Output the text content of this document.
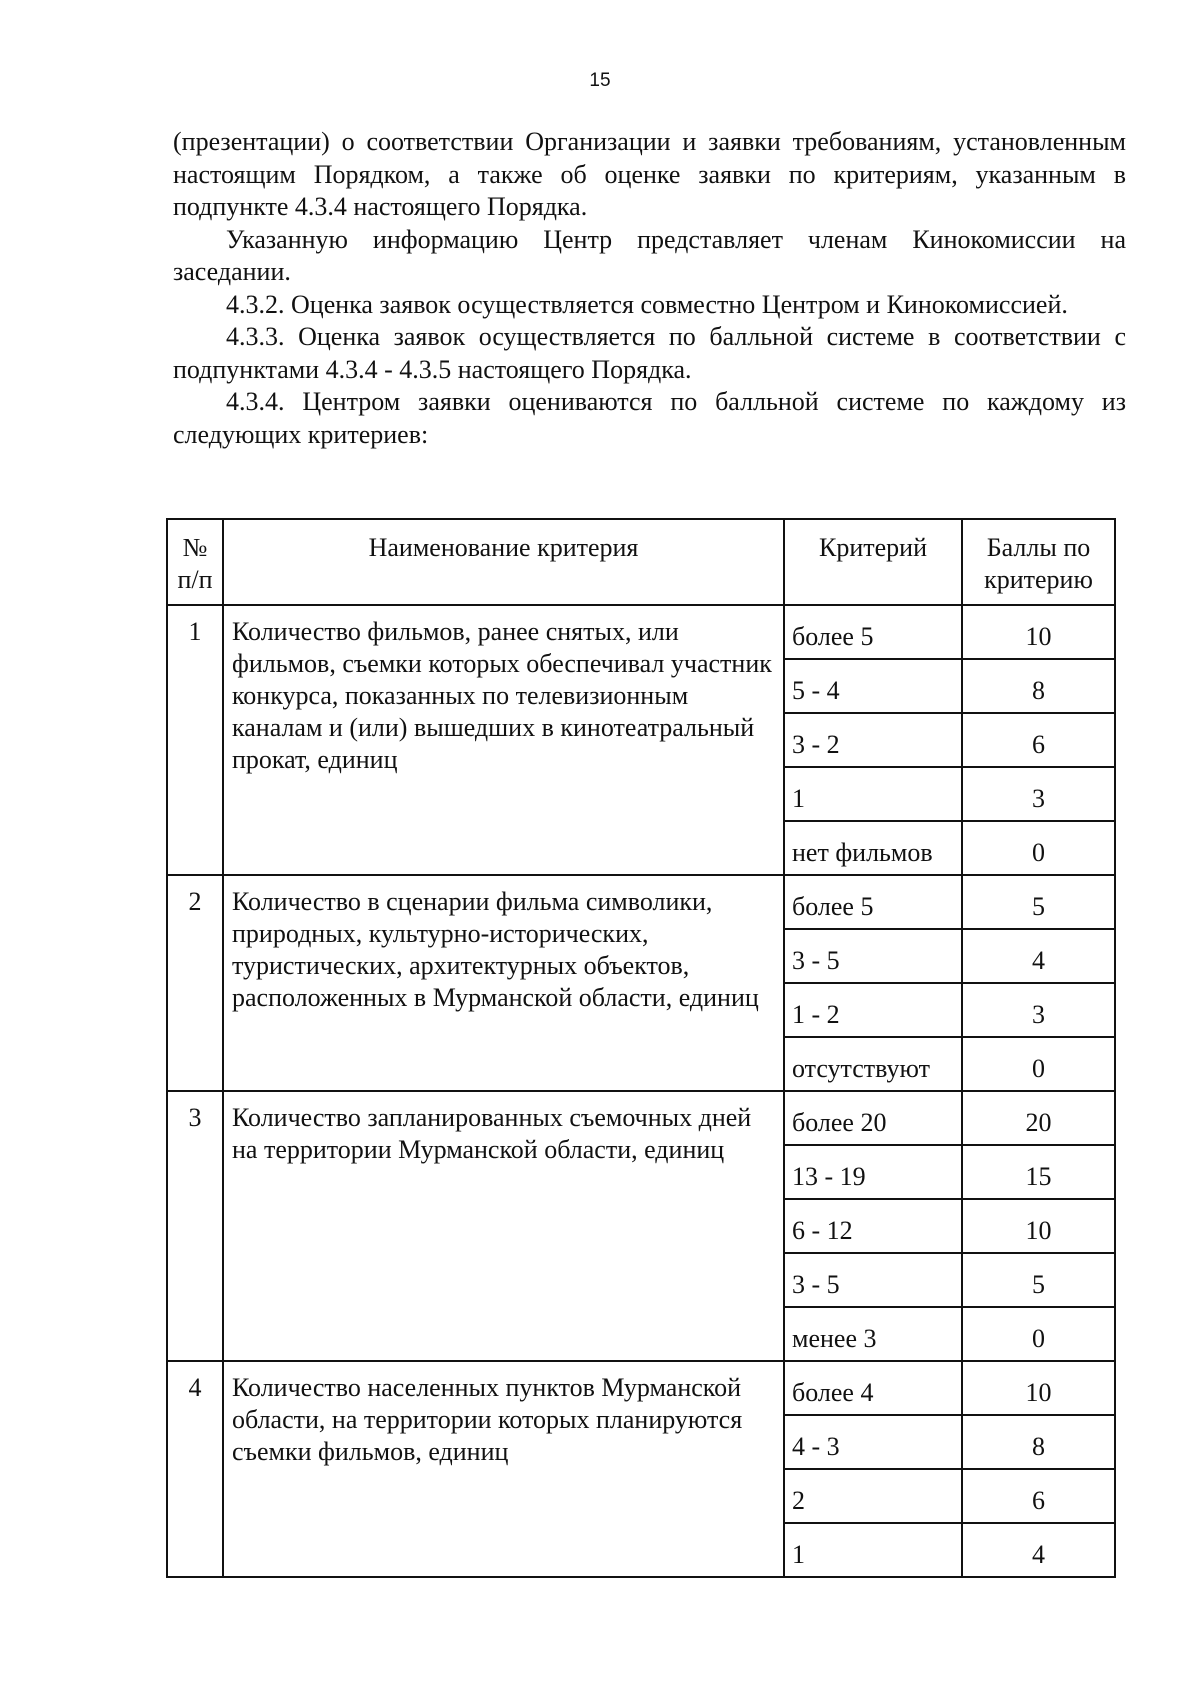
15

(презентации) о соответствии Организации и заявки требованиям, установленным настоящим Порядком, а также об оценке заявки по критериям, указанным в подпункте 4.3.4 настоящего Порядка.

Указанную информацию Центр представляет членам Кинокомиссии на заседании.

4.3.2. Оценка заявок осуществляется совместно Центром и Кинокомиссией.

4.3.3. Оценка заявок осуществляется по балльной системе в соответствии с подпунктами 4.3.4 - 4.3.5 настоящего Порядка.

4.3.4. Центром заявки оцениваются по балльной системе по каждому из следующих критериев:

№
п/п	Наименование критерия	Критерий	Баллы по критерию
1	Количество фильмов, ранее снятых, или фильмов, съемки которых обеспечивал участник конкурса, показанных по телевизионным каналам и (или) вышедших в кинотеатральный прокат, единиц	более 5	10
		5 - 4	8
		3 - 2	6
		1	3
		нет фильмов	0
2	Количество в сценарии фильма символики, природных, культурно-исторических, туристических, архитектурных объектов, расположенных в Мурманской области, единиц	более 5	5
		3 - 5	4
		1 - 2	3
		отсутствуют	0
3	Количество запланированных съемочных дней на территории Мурманской области, единиц	более 20	20
		13 - 19	15
		6 - 12	10
		3 - 5	5
		менее 3	0
4	Количество населенных пунктов Мурманской области, на территории которых планируются съемки фильмов, единиц	более 4	10
		4 - 3	8
		2	6
		1	4
